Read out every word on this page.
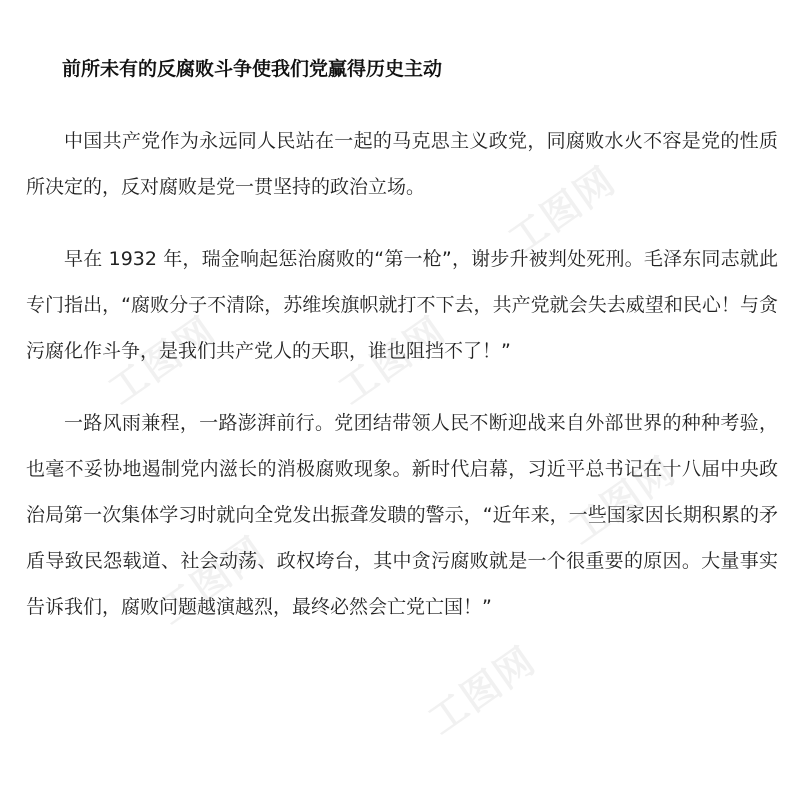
工图网
工图网	工图网
工图网
工图网
工图网

前所未有的反腐败斗争使我们党赢得历史主动

中国共产党作为永远同人民站在一起的马克思主义政党，同腐败水火不容是党的性质所决定的，反对腐败是党一贯坚持的政治立场。

早在 1932 年，瑞金响起惩治腐败的“第一枪”，谢步升被判处死刑。毛泽东同志就此专门指出，“腐败分子不清除，苏维埃旗帜就打不下去，共产党就会失去威望和民心！与贪污腐化作斗争，是我们共产党人的天职，谁也阻挡不了！”

一路风雨兼程，一路澎湃前行。党团结带领人民不断迎战来自外部世界的种种考验，也毫不妥协地遏制党内滋长的消极腐败现象。新时代启幕，习近平总书记在十八届中央政治局第一次集体学习时就向全党发出振聋发聩的警示，“近年来，一些国家因长期积累的矛盾导致民怨载道、社会动荡、政权垮台，其中贪污腐败就是一个很重要的原因。大量事实告诉我们，腐败问题越演越烈，最终必然会亡党亡国！”
